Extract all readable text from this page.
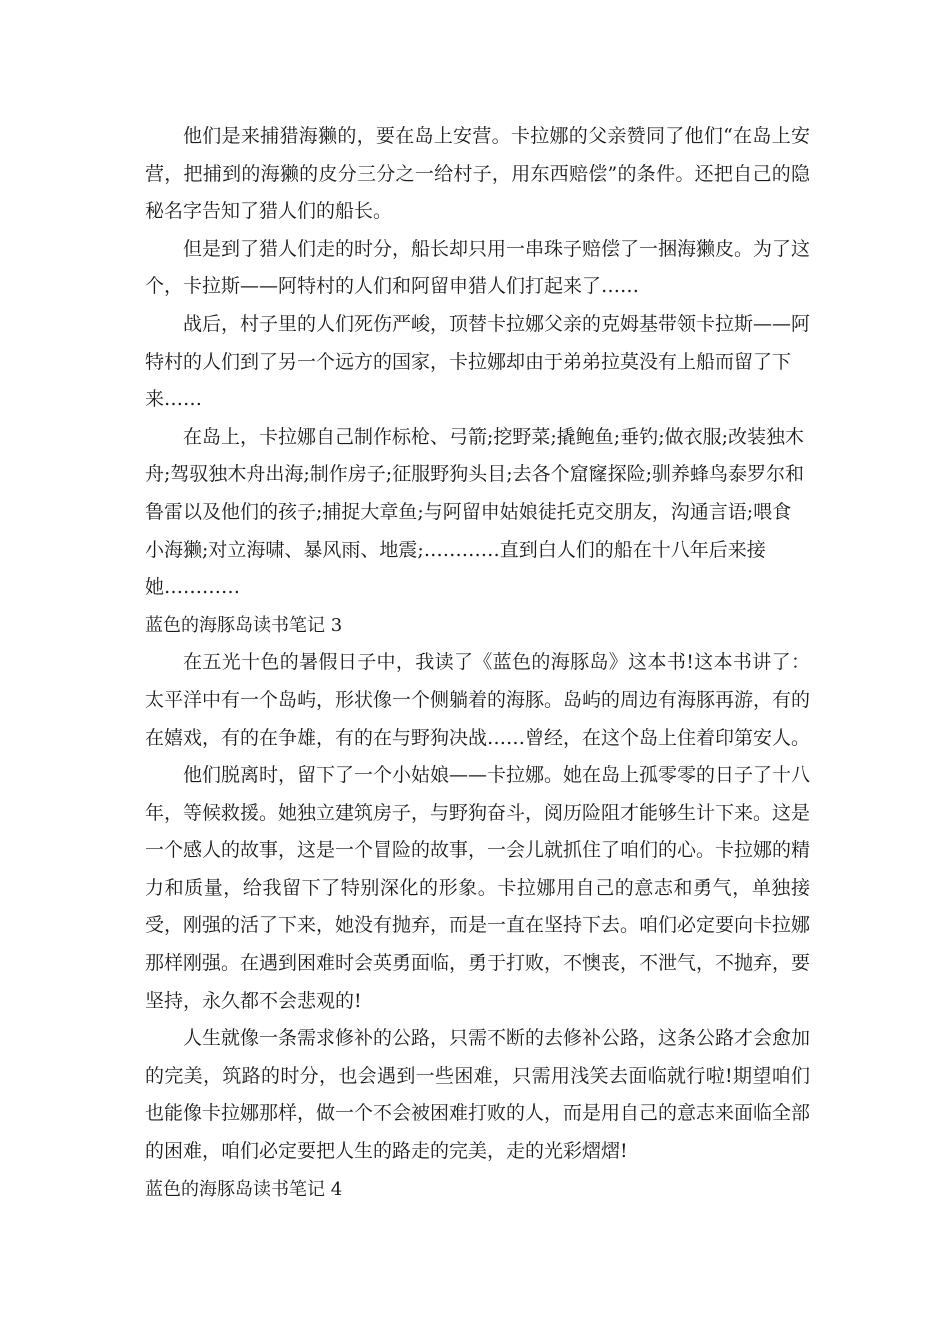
他们是来捕猎海獭的，要在岛上安营。卡拉娜的父亲赞同了他们“在岛上安营，把捕到的海獭的皮分三分之一给村子，用东西赔偿”的条件。还把自己的隐秘名字告知了猎人们的船长。

但是到了猎人们走的时分，船长却只用一串珠子赔偿了一捆海獭皮。为了这个，卡拉斯——阿特村的人们和阿留申猎人们打起来了……

战后，村子里的人们死伤严峻，顶替卡拉娜父亲的克姆基带领卡拉斯——阿特村的人们到了另一个远方的国家，卡拉娜却由于弟弟拉莫没有上船而留了下来……

在岛上，卡拉娜自己制作标枪、弓箭;挖野菜;撬鲍鱼;垂钓;做衣服;改装独木舟;驾驭独木舟出海;制作房子;征服野狗头目;去各个窟窿探险;驯养蜂鸟泰罗尔和鲁雷以及他们的孩子;捕捉大章鱼;与阿留申姑娘徒托克交朋友，沟通言语;喂食小海獭;对立海啸、暴风雨、地震;…………直到白人们的船在十八年后来接她…………

蓝色的海豚岛读书笔记 3

在五光十色的暑假日子中，我读了《蓝色的海豚岛》这本书!这本书讲了：太平洋中有一个岛屿，形状像一个侧躺着的海豚。岛屿的周边有海豚再游，有的在嬉戏，有的在争雄，有的在与野狗决战……曾经，在这个岛上住着印第安人。

他们脱离时，留下了一个小姑娘——卡拉娜。她在岛上孤零零的日子了十八年，等候救援。她独立建筑房子，与野狗奋斗，阅历险阻才能够生计下来。这是一个感人的故事，这是一个冒险的故事，一会儿就抓住了咱们的心。卡拉娜的精力和质量，给我留下了特别深化的形象。卡拉娜用自己的意志和勇气，单独接受，刚强的活了下来，她没有抛弃，而是一直在坚持下去。咱们必定要向卡拉娜那样刚强。在遇到困难时会英勇面临，勇于打败，不懊丧，不泄气，不抛弃，要坚持，永久都不会悲观的!

人生就像一条需求修补的公路，只需不断的去修补公路，这条公路才会愈加的完美，筑路的时分，也会遇到一些困难，只需用浅笑去面临就行啦!期望咱们也能像卡拉娜那样，做一个不会被困难打败的人，而是用自己的意志来面临全部的困难，咱们必定要把人生的路走的完美，走的光彩熠熠!

蓝色的海豚岛读书笔记 4
